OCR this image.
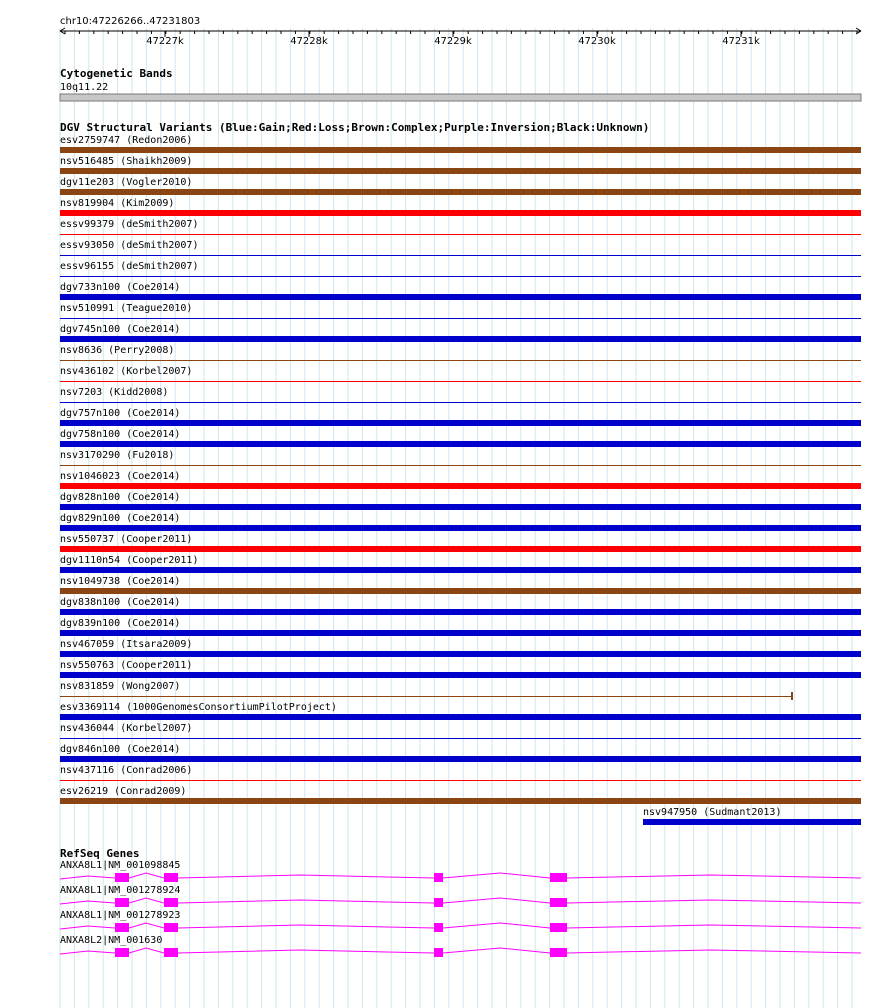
chr10:47226266..47231803
47227k	47228k	47229k	47230k	47231k
Cytogenetic Bands
10q11.22
DGV Structural Variants (Blue:Gain;Red:Loss;Brown:Complex;Purple:Inversion;Black:Unknown)
esv2759747 (Redon2006)
nsv516485 (Shaikh2009)
dgv11e203 (Vogler2010)
nsv819904 (Kim2009)
essv99379 (deSmith2007)
essv93050 (deSmith2007)
essv96155 (deSmith2007)
dgv733n100 (Coe2014)
nsv510991 (Teague2010)
dgv745n100 (Coe2014)
nsv8636 (Perry2008)
nsv436102 (Korbel2007)
nsv7203 (Kidd2008)
dgv757n100 (Coe2014)
dgv758n100 (Coe2014)
nsv3170290 (Fu2018)
nsv1046023 (Coe2014)
dgv828n100 (Coe2014)
dgv829n100 (Coe2014)
nsv550737 (Cooper2011)
dgv1110n54 (Cooper2011)
nsv1049738 (Coe2014)
dgv838n100 (Coe2014)
dgv839n100 (Coe2014)
nsv467059 (Itsara2009)
nsv550763 (Cooper2011)
nsv831859 (Wong2007)
esv3369114 (1000GenomesConsortiumPilotProject)
nsv436044 (Korbel2007)
dgv846n100 (Coe2014)
nsv437116 (Conrad2006)
esv26219 (Conrad2009)
nsv947950 (Sudmant2013)
RefSeq Genes
ANXA8L1|NM_001098845
ANXA8L1|NM_001278924
ANXA8L1|NM_001278923
ANXA8L2|NM_001630
